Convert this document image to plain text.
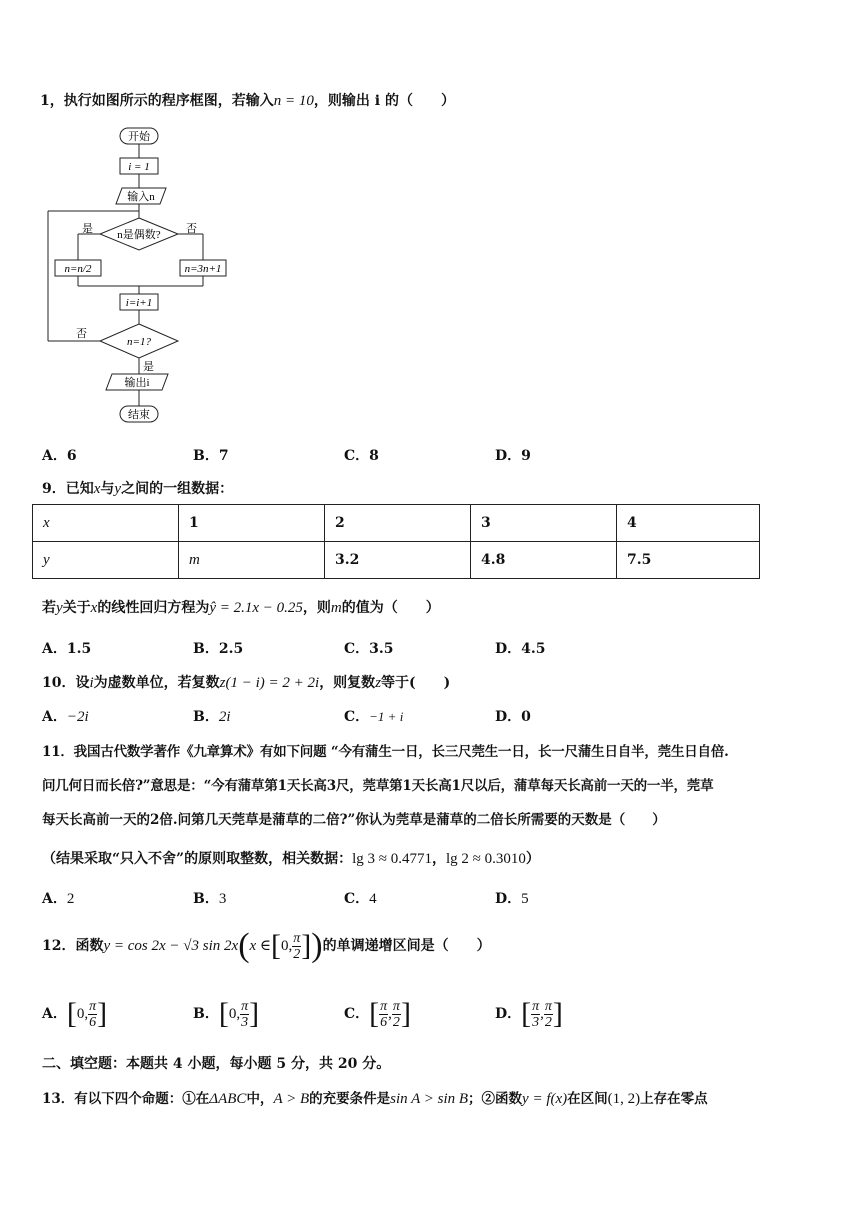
1，执行如图所示的程序框图，若输入n = 10，则输出 i 的（　　）
开始
i = 1
输入n
n是偶数?
是	否
n=n/2	n=3n+1
i=i+1
n=1?
否
是
输出i
结束
A．6	B．7	C．8	D．9
9．已知x与y之间的一组数据：
x	1	2	3	4
y	m	3.2	4.8	7.5
若y关于x的线性回归方程为ŷ = 2.1x − 0.25，则m的值为（　　）
A．1.5	B．2.5	C．3.5	D．4.5
10．设i为虚数单位，若复数z(1 − i) = 2 + 2i，则复数z等于(　　)
A．−2i	B．2i	C．−1 + i	D．0
11．我国古代数学著作《九章算术》有如下问题 “今有蒲生一日，长三尺莞生一日，长一尺蒲生日自半，莞生日自倍.
问几何日而长倍?”意思是：“今有蒲草第1天长高3尺，莞草第1天长高1尺以后，蒲草每天长高前一天的一半，莞草
每天长高前一天的2倍.问第几天莞草是蒲草的二倍?”你认为莞草是蒲草的二倍长所需要的天数是（　　）
（结果采取“只入不舍”的原则取整数，相关数据：lg 3 ≈ 0.4771，lg 2 ≈ 0.3010）
A．2	B．3	C．4	D．5
12．函数y = cos 2x − √3 sin 2x(x ∈[0, $\frac{\pi}{2}$ ])的单调递增区间是（　　）
A．[0, $\frac{\pi}{6}$ ]	B．[0, $\frac{\pi}{3}$ ]	C．[ $\frac{\pi}{6}$ , $\frac{\pi}{2}$ ]	D．[ $\frac{\pi}{3}$ , $\frac{\pi}{2}$ ]
二、填空题：本题共 4 小题，每小题 5 分，共 20 分。
13．有以下四个命题：①在ΔABC中，A > B的充要条件是sin A > sin B；②函数y = f(x)在区间(1, 2)上存在零点
